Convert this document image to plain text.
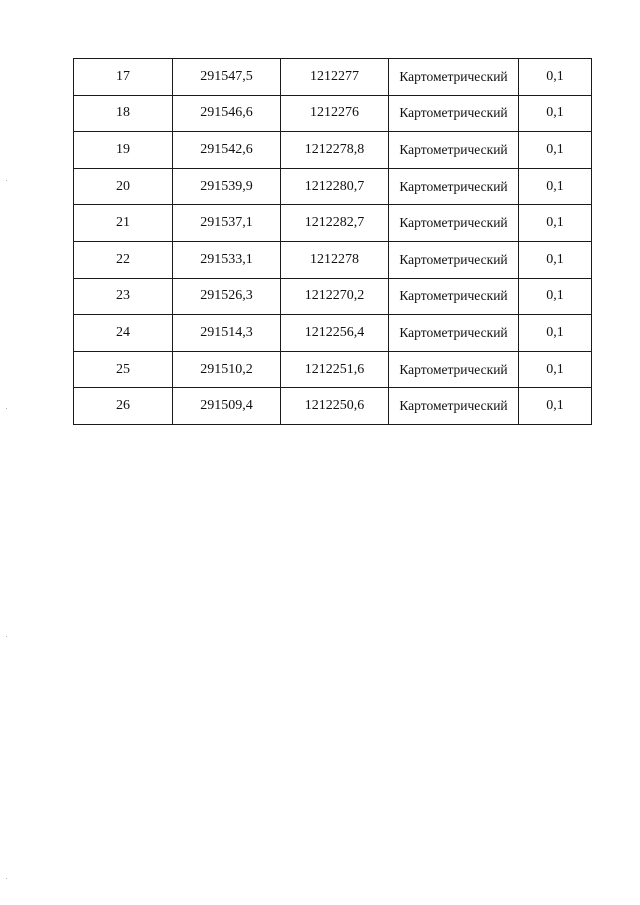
17	291547,5	1212277	Картометрический	0,1
18	291546,6	1212276	Картометрический	0,1
19	291542,6	1212278,8	Картометрический	0,1
20	291539,9	1212280,7	Картометрический	0,1
21	291537,1	1212282,7	Картометрический	0,1
22	291533,1	1212278	Картометрический	0,1
23	291526,3	1212270,2	Картометрический	0,1
24	291514,3	1212256,4	Картометрический	0,1
25	291510,2	1212251,6	Картометрический	0,1
26	291509,4	1212250,6	Картометрический	0,1
